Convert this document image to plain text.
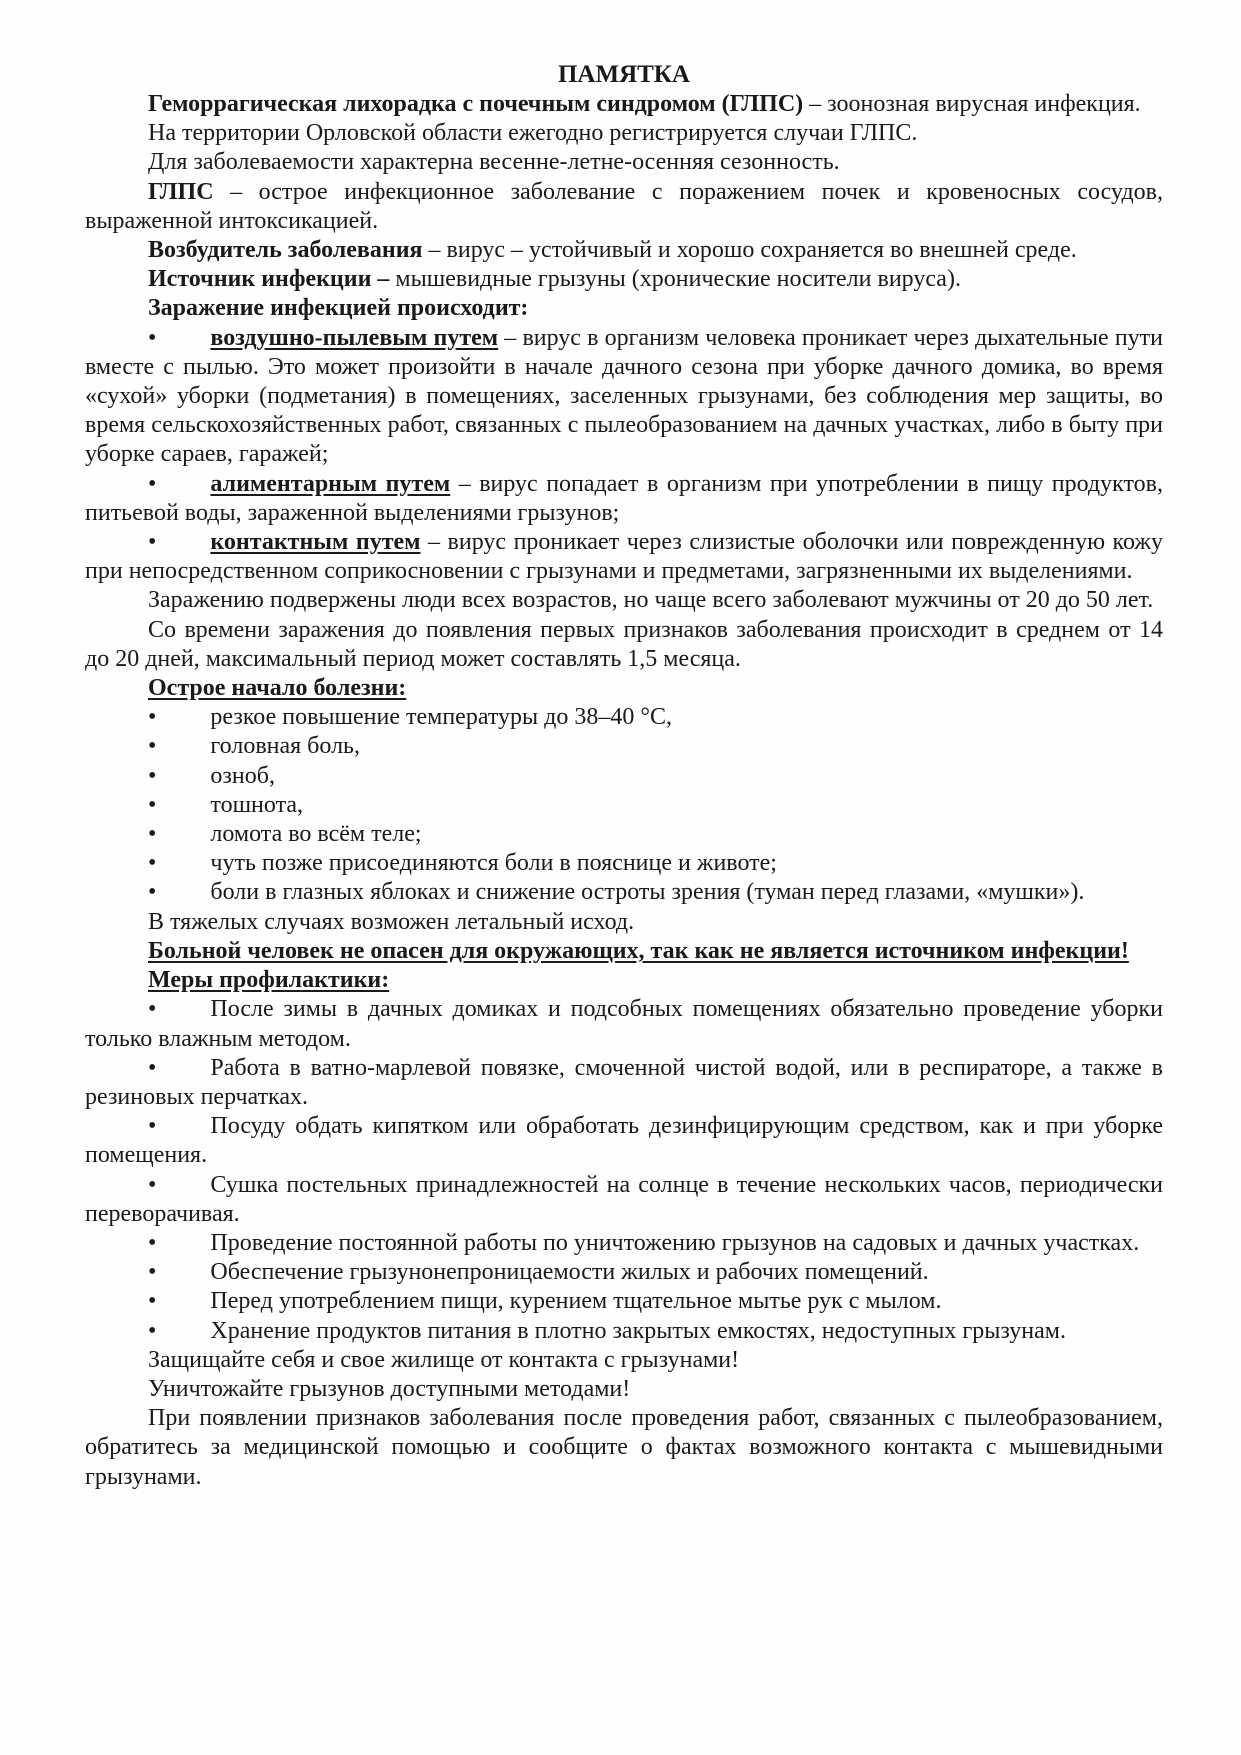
ПАМЯТКА

Геморрагическая лихорадка с почечным синдромом (ГЛПС) – зоонозная вирусная инфекция.

На территории Орловской области ежегодно регистрируется случаи ГЛПС.

Для заболеваемости характерна весенне-летне-осенняя сезонность.

ГЛПС – острое инфекционное заболевание с поражением почек и кровеносных сосудов, выраженной интоксикацией.

Возбудитель заболевания – вирус – устойчивый и хорошо сохраняется во внешней среде.

Источник инфекции – мышевидные грызуны (хронические носители вируса).

Заражение инфекцией происходит:

• воздушно-пылевым путем – вирус в организм человека проникает через дыхательные пути вместе с пылью. Это может произойти в начале дачного сезона при уборке дачного домика, во время «сухой» уборки (подметания) в помещениях, заселенных грызунами, без соблюдения мер защиты, во время сельскохозяйственных работ, связанных с пылеобразованием на дачных участках, либо в быту при уборке сараев, гаражей;

• алиментарным путем – вирус попадает в организм при употреблении в пищу продуктов, питьевой воды, зараженной выделениями грызунов;

• контактным путем – вирус проникает через слизистые оболочки или поврежденную кожу при непосредственном соприкосновении с грызунами и предметами, загрязненными их выделениями.

Заражению подвержены люди всех возрастов, но чаще всего заболевают мужчины от 20 до 50 лет.

Со времени заражения до появления первых признаков заболевания происходит в среднем от 14 до 20 дней, максимальный период может составлять 1,5 месяца.

Острое начало болезни:

• резкое повышение температуры до 38–40 °С,

• головная боль,

• озноб,

• тошнота,

• ломота во всём теле;

• чуть позже присоединяются боли в пояснице и животе;

• боли в глазных яблоках и снижение остроты зрения (туман перед глазами, «мушки»).

В тяжелых случаях возможен летальный исход.

Больной человек не опасен для окружающих, так как не является источником инфекции!

Меры профилактики:

• После зимы в дачных домиках и подсобных помещениях обязательно проведение уборки только влажным методом.

• Работа в ватно-марлевой повязке, смоченной чистой водой, или в респираторе, а также в резиновых перчатках.

• Посуду обдать кипятком или обработать дезинфицирующим средством, как и при уборке помещения.

• Сушка постельных принадлежностей на солнце в течение нескольких часов, периодически переворачивая.

• Проведение постоянной работы по уничтожению грызунов на садовых и дачных участках.

• Обеспечение грызунонепроницаемости жилых и рабочих помещений.

• Перед употреблением пищи, курением тщательное мытье рук с мылом.

• Хранение продуктов питания в плотно закрытых емкостях, недоступных грызунам.

Защищайте себя и свое жилище от контакта с грызунами!

Уничтожайте грызунов доступными методами!

При появлении признаков заболевания после проведения работ, связанных с пылеобразованием, обратитесь за медицинской помощью и сообщите о фактах возможного контакта с мышевидными грызунами.
